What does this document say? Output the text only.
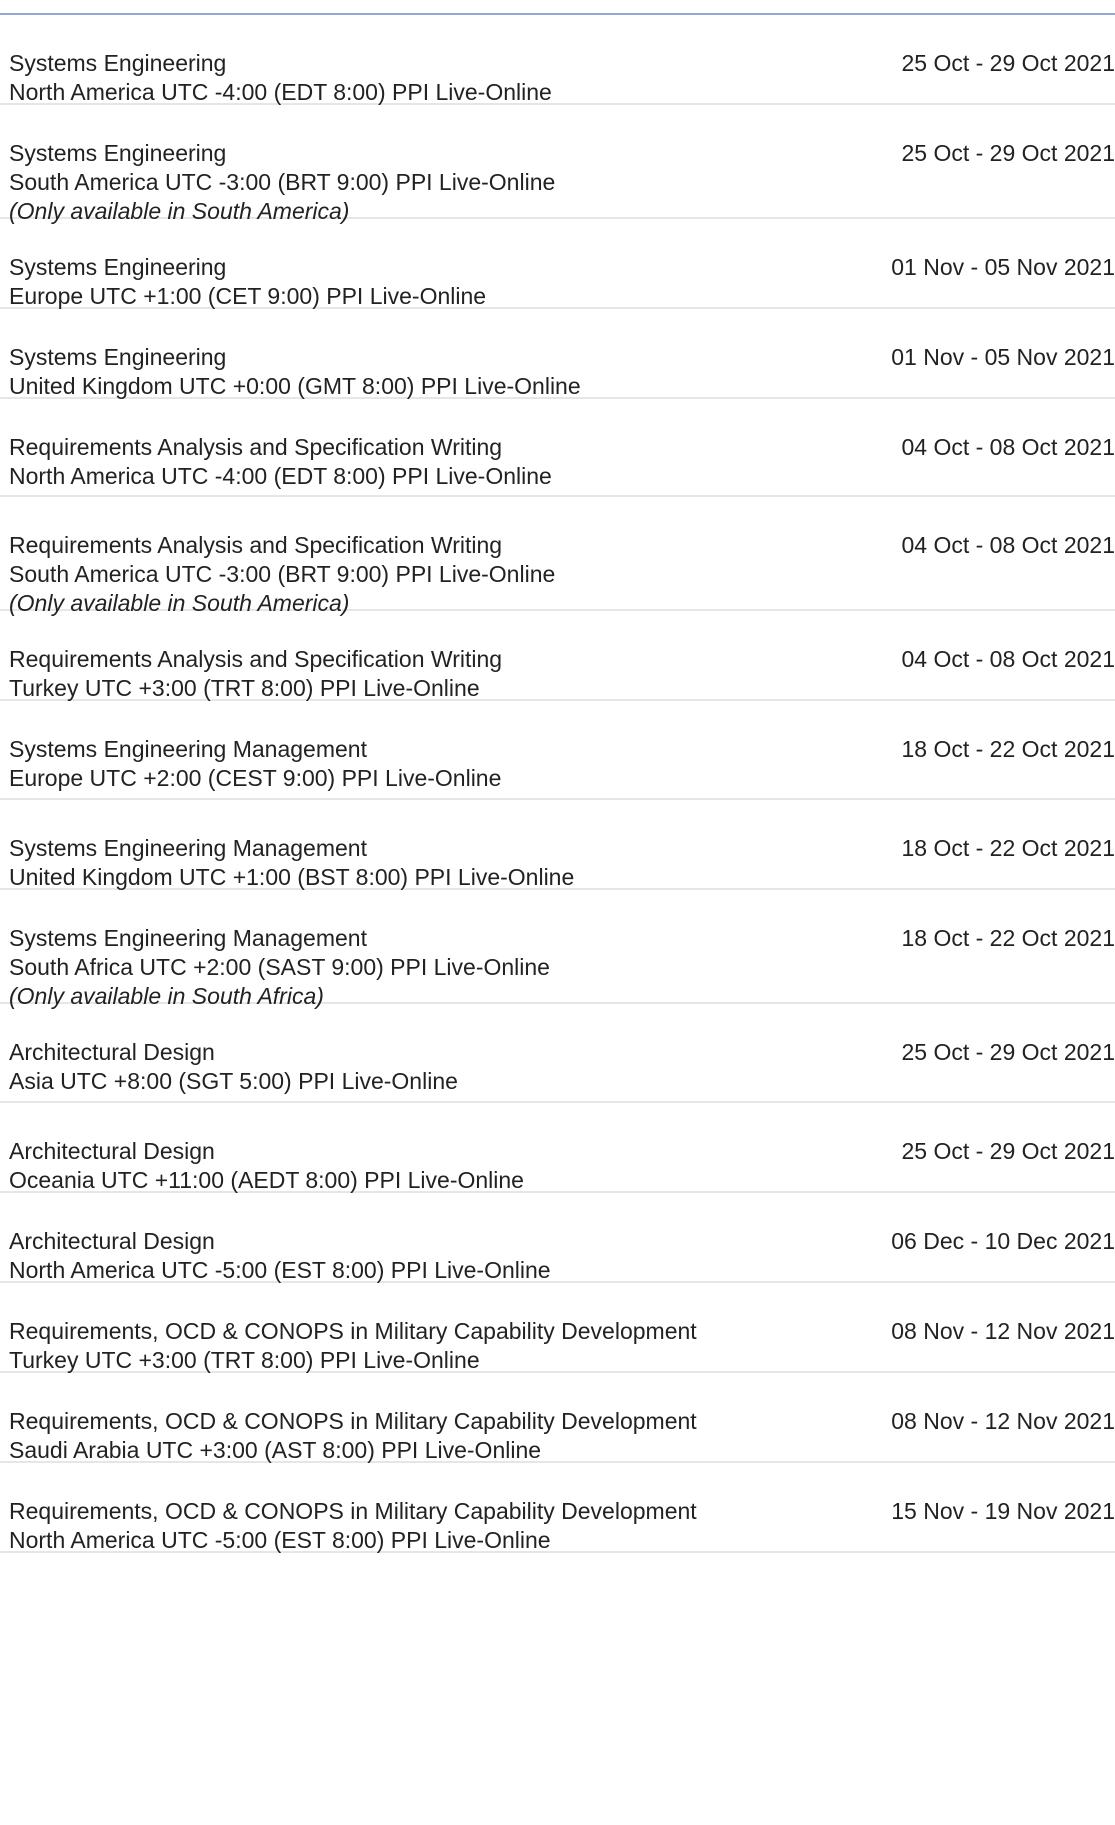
Systems Engineering
North America UTC -4:00 (EDT 8:00) PPI Live-Online
25 Oct - 29 Oct 2021
Systems Engineering
South America UTC -3:00 (BRT 9:00) PPI Live-Online
(Only available in South America)
25 Oct - 29 Oct 2021
Systems Engineering
Europe UTC +1:00 (CET 9:00) PPI Live-Online
01 Nov - 05 Nov 2021
Systems Engineering
United Kingdom UTC +0:00 (GMT 8:00) PPI Live-Online
01 Nov - 05 Nov 2021
Requirements Analysis and Specification Writing
North America UTC -4:00 (EDT 8:00) PPI Live-Online
04 Oct - 08 Oct 2021
Requirements Analysis and Specification Writing
South America UTC -3:00 (BRT 9:00) PPI Live-Online
(Only available in South America)
04 Oct - 08 Oct 2021
Requirements Analysis and Specification Writing
Turkey UTC +3:00 (TRT 8:00) PPI Live-Online
04 Oct - 08 Oct 2021
Systems Engineering Management
Europe UTC +2:00 (CEST 9:00) PPI Live-Online
18 Oct - 22 Oct 2021
Systems Engineering Management
United Kingdom UTC +1:00 (BST 8:00) PPI Live-Online
18 Oct - 22 Oct 2021
Systems Engineering Management
South Africa UTC +2:00 (SAST 9:00) PPI Live-Online
(Only available in South Africa)
18 Oct - 22 Oct 2021
Architectural Design
Asia UTC +8:00 (SGT 5:00) PPI Live-Online
25 Oct - 29 Oct 2021
Architectural Design
Oceania UTC +11:00 (AEDT 8:00) PPI Live-Online
25 Oct - 29 Oct 2021
Architectural Design
North America UTC -5:00 (EST 8:00) PPI Live-Online
06 Dec - 10 Dec 2021
Requirements, OCD & CONOPS in Military Capability Development
Turkey UTC +3:00 (TRT 8:00) PPI Live-Online
08 Nov - 12 Nov 2021
Requirements, OCD & CONOPS in Military Capability Development
Saudi Arabia UTC +3:00 (AST 8:00) PPI Live-Online
08 Nov - 12 Nov 2021
Requirements, OCD & CONOPS in Military Capability Development
North America UTC -5:00 (EST 8:00) PPI Live-Online
15 Nov - 19 Nov 2021
